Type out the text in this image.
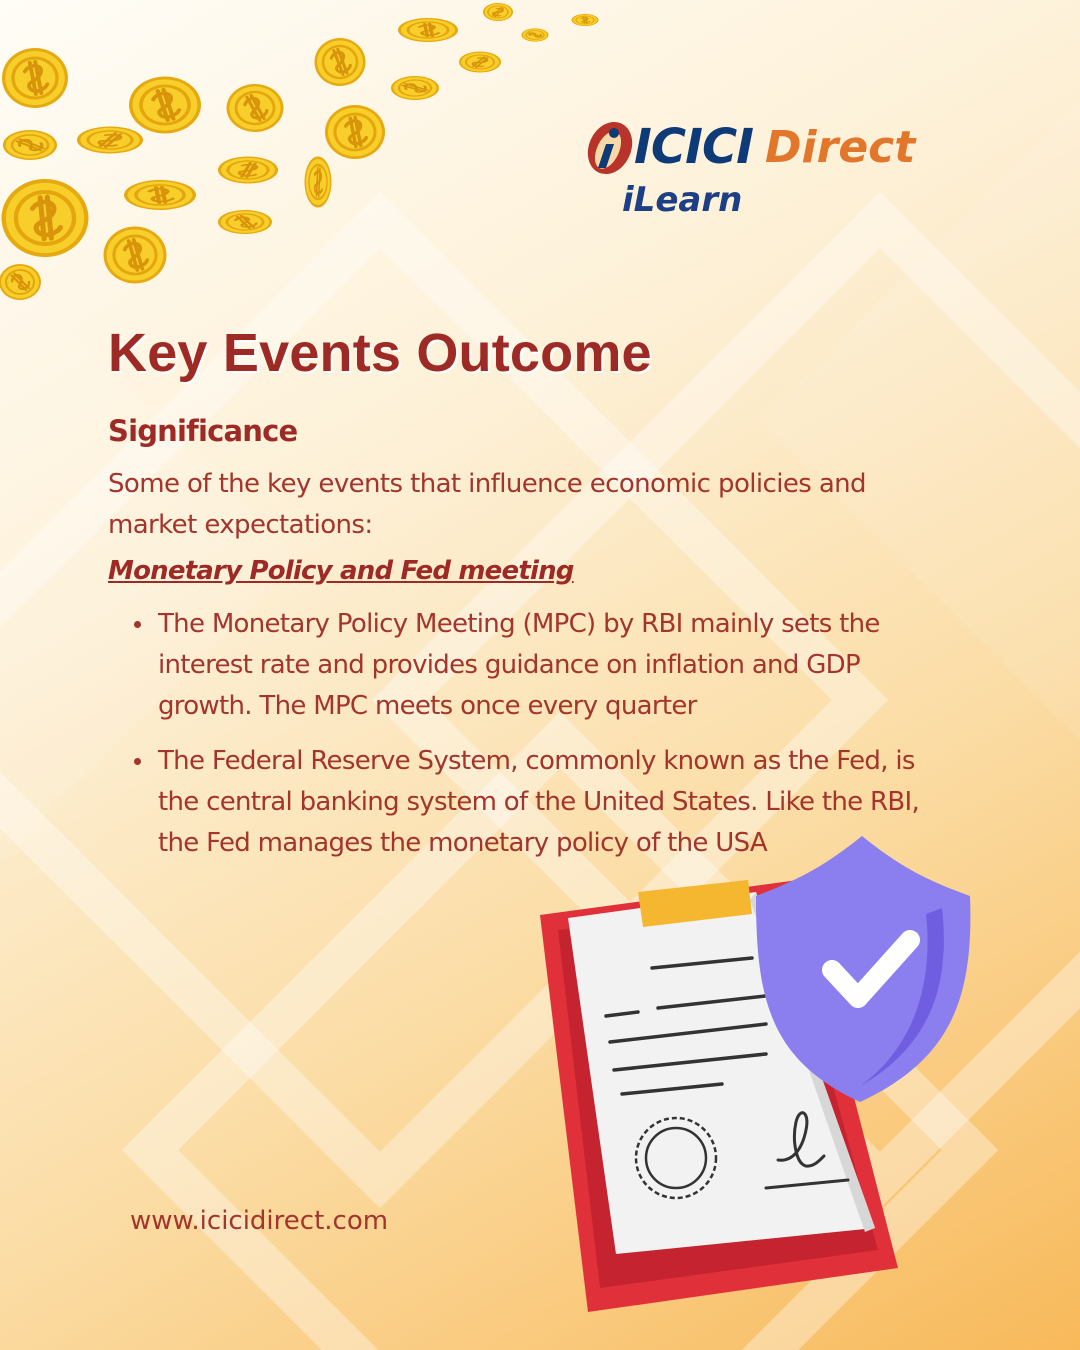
ICICI Direct
iLearn
Key Events Outcome
Significance
Some of the key events that influence economic policies and market expectations:
Monetary Policy and Fed meeting
The Monetary Policy Meeting (MPC) by RBI mainly sets the interest rate and provides guidance on inflation and GDP growth. The MPC meets once every quarter
The Federal Reserve System, commonly known as the Fed, is the central banking system of the United States. Like the RBI, the Fed manages the monetary policy of the USA
www.icicidirect.com
